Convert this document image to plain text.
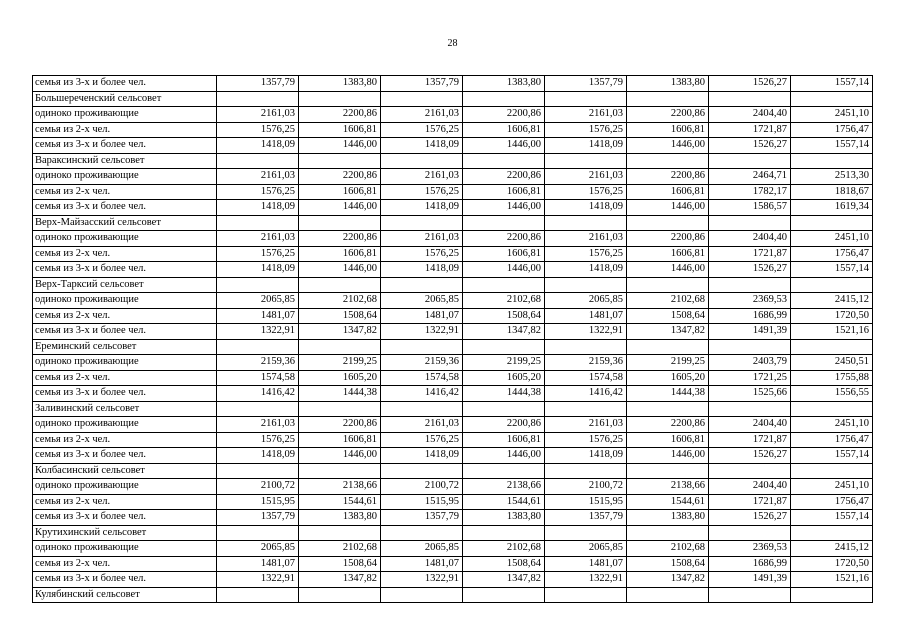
28
семья из 3-х и более чел.	1357,79	1383,80	1357,79	1383,80	1357,79	1383,80	1526,27	1557,14
Большереченский сельсовет								
одиноко проживающие	2161,03	2200,86	2161,03	2200,86	2161,03	2200,86	2404,40	2451,10
семья из 2-х чел.	1576,25	1606,81	1576,25	1606,81	1576,25	1606,81	1721,87	1756,47
семья из 3-х и более чел.	1418,09	1446,00	1418,09	1446,00	1418,09	1446,00	1526,27	1557,14
Вараксинский сельсовет								
одиноко проживающие	2161,03	2200,86	2161,03	2200,86	2161,03	2200,86	2464,71	2513,30
семья из 2-х чел.	1576,25	1606,81	1576,25	1606,81	1576,25	1606,81	1782,17	1818,67
семья из 3-х и более чел.	1418,09	1446,00	1418,09	1446,00	1418,09	1446,00	1586,57	1619,34
Верх-Майзасский сельсовет								
одиноко проживающие	2161,03	2200,86	2161,03	2200,86	2161,03	2200,86	2404,40	2451,10
семья из 2-х чел.	1576,25	1606,81	1576,25	1606,81	1576,25	1606,81	1721,87	1756,47
семья из 3-х и более чел.	1418,09	1446,00	1418,09	1446,00	1418,09	1446,00	1526,27	1557,14
Верх-Тарксий сельсовет								
одиноко проживающие	2065,85	2102,68	2065,85	2102,68	2065,85	2102,68	2369,53	2415,12
семья из 2-х чел.	1481,07	1508,64	1481,07	1508,64	1481,07	1508,64	1686,99	1720,50
семья из 3-х и более чел.	1322,91	1347,82	1322,91	1347,82	1322,91	1347,82	1491,39	1521,16
Ереминский сельсовет								
одиноко проживающие	2159,36	2199,25	2159,36	2199,25	2159,36	2199,25	2403,79	2450,51
семья из 2-х чел.	1574,58	1605,20	1574,58	1605,20	1574,58	1605,20	1721,25	1755,88
семья из 3-х и более чел.	1416,42	1444,38	1416,42	1444,38	1416,42	1444,38	1525,66	1556,55
Заливинский сельсовет								
одиноко проживающие	2161,03	2200,86	2161,03	2200,86	2161,03	2200,86	2404,40	2451,10
семья из 2-х чел.	1576,25	1606,81	1576,25	1606,81	1576,25	1606,81	1721,87	1756,47
семья из 3-х и более чел.	1418,09	1446,00	1418,09	1446,00	1418,09	1446,00	1526,27	1557,14
Колбасинский сельсовет								
одиноко проживающие	2100,72	2138,66	2100,72	2138,66	2100,72	2138,66	2404,40	2451,10
семья из 2-х чел.	1515,95	1544,61	1515,95	1544,61	1515,95	1544,61	1721,87	1756,47
семья из 3-х и более чел.	1357,79	1383,80	1357,79	1383,80	1357,79	1383,80	1526,27	1557,14
Крутихинский сельсовет								
одиноко проживающие	2065,85	2102,68	2065,85	2102,68	2065,85	2102,68	2369,53	2415,12
семья из 2-х чел.	1481,07	1508,64	1481,07	1508,64	1481,07	1508,64	1686,99	1720,50
семья из 3-х и более чел.	1322,91	1347,82	1322,91	1347,82	1322,91	1347,82	1491,39	1521,16
Кулябинский сельсовет								
